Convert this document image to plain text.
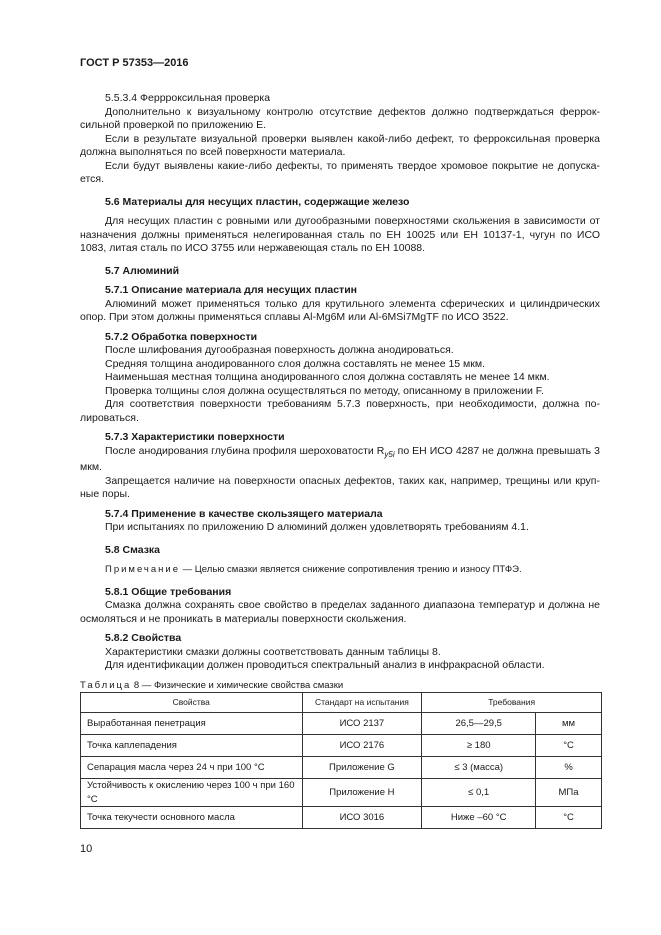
ГОСТ Р 57353—2016

5.5.3.4 Феррроксильная проверка

Дополнительно к визуальному контролю отсутствие дефектов должно подтверждаться ферроксильной проверкой по приложению Е.

Если в результате визуальной проверки выявлен какой-либо дефект, то ферроксильная проверка должна выполняться по всей поверхности материала.

Если будут выявлены какие-либо дефекты, то применять твердое хромовое покрытие не допускается.

5.6 Материалы для несущих пластин, содержащие железо

Для несущих пластин с ровными или дугообразными поверхностями скольжения в зависимости от назначения должны применяться нелегированная сталь по ЕН 10025 или ЕН 10137-1, чугун по ИСО 1083, литая сталь по ИСО 3755 или нержавеющая сталь по ЕН 10088.

5.7 Алюминий

5.7.1 Описание материала для несущих пластин

Алюминий может применяться только для крутильного элемента сферических и цилиндрических опор. При этом должны применяться сплавы Al-Mg6M или Al-6MSi7MgTF по ИСО 3522.

5.7.2 Обработка поверхности

После шлифования дугообразная поверхность должна анодироваться.

Средняя толщина анодированного слоя должна составлять не менее 15 мкм.

Наименьшая местная толщина анодированного слоя должна составлять не менее 14 мкм.

Проверка толщины слоя должна осуществляться по методу, описанному в приложении F.

Для соответствия поверхности требованиям 5.7.3 поверхность, при необходимости, должна полироваться.

5.7.3 Характеристики поверхности

После анодирования глубина профиля шероховатости $R_{y5i}$ по ЕН ИСО 4287 не должна превышать 3 мкм.

Запрещается наличие на поверхности опасных дефектов, таких как, например, трещины или крупные поры.

5.7.4 Применение в качестве скользящего материала

При испытаниях по приложению D алюминий должен удовлетворять требованиям 4.1.

5.8 Смазка

Примечание — Целью смазки является снижение сопротивления трению и износу ПТФЭ.

5.8.1 Общие требования

Смазка должна сохранять свое свойство в пределах заданного диапазона температур и должна не осмоляться и не проникать в материалы поверхности скольжения.

5.8.2 Свойства

Характеристики смазки должны соответствовать данным таблицы 8.

Для идентификации должен проводиться спектральный анализ в инфракрасной области.

Таблица 8 — Физические и химические свойства смазки

Свойства	Стандарт на испытания	Требования	
Выработанная пенетрация	ИСО 2137	26,5—29,5	мм
Точка каплепадения	ИСО 2176	≥ 180	°С
Сепарация масла через 24 ч при 100 °С	Приложение G	≤ 3 (масса)	%
Устойчивость к окислению через 100 ч при 160 °С	Приложение Н	≤ 0,1	МПа
Точка текучести основного масла	ИСО 3016	Ниже –60 °С	°С
10
